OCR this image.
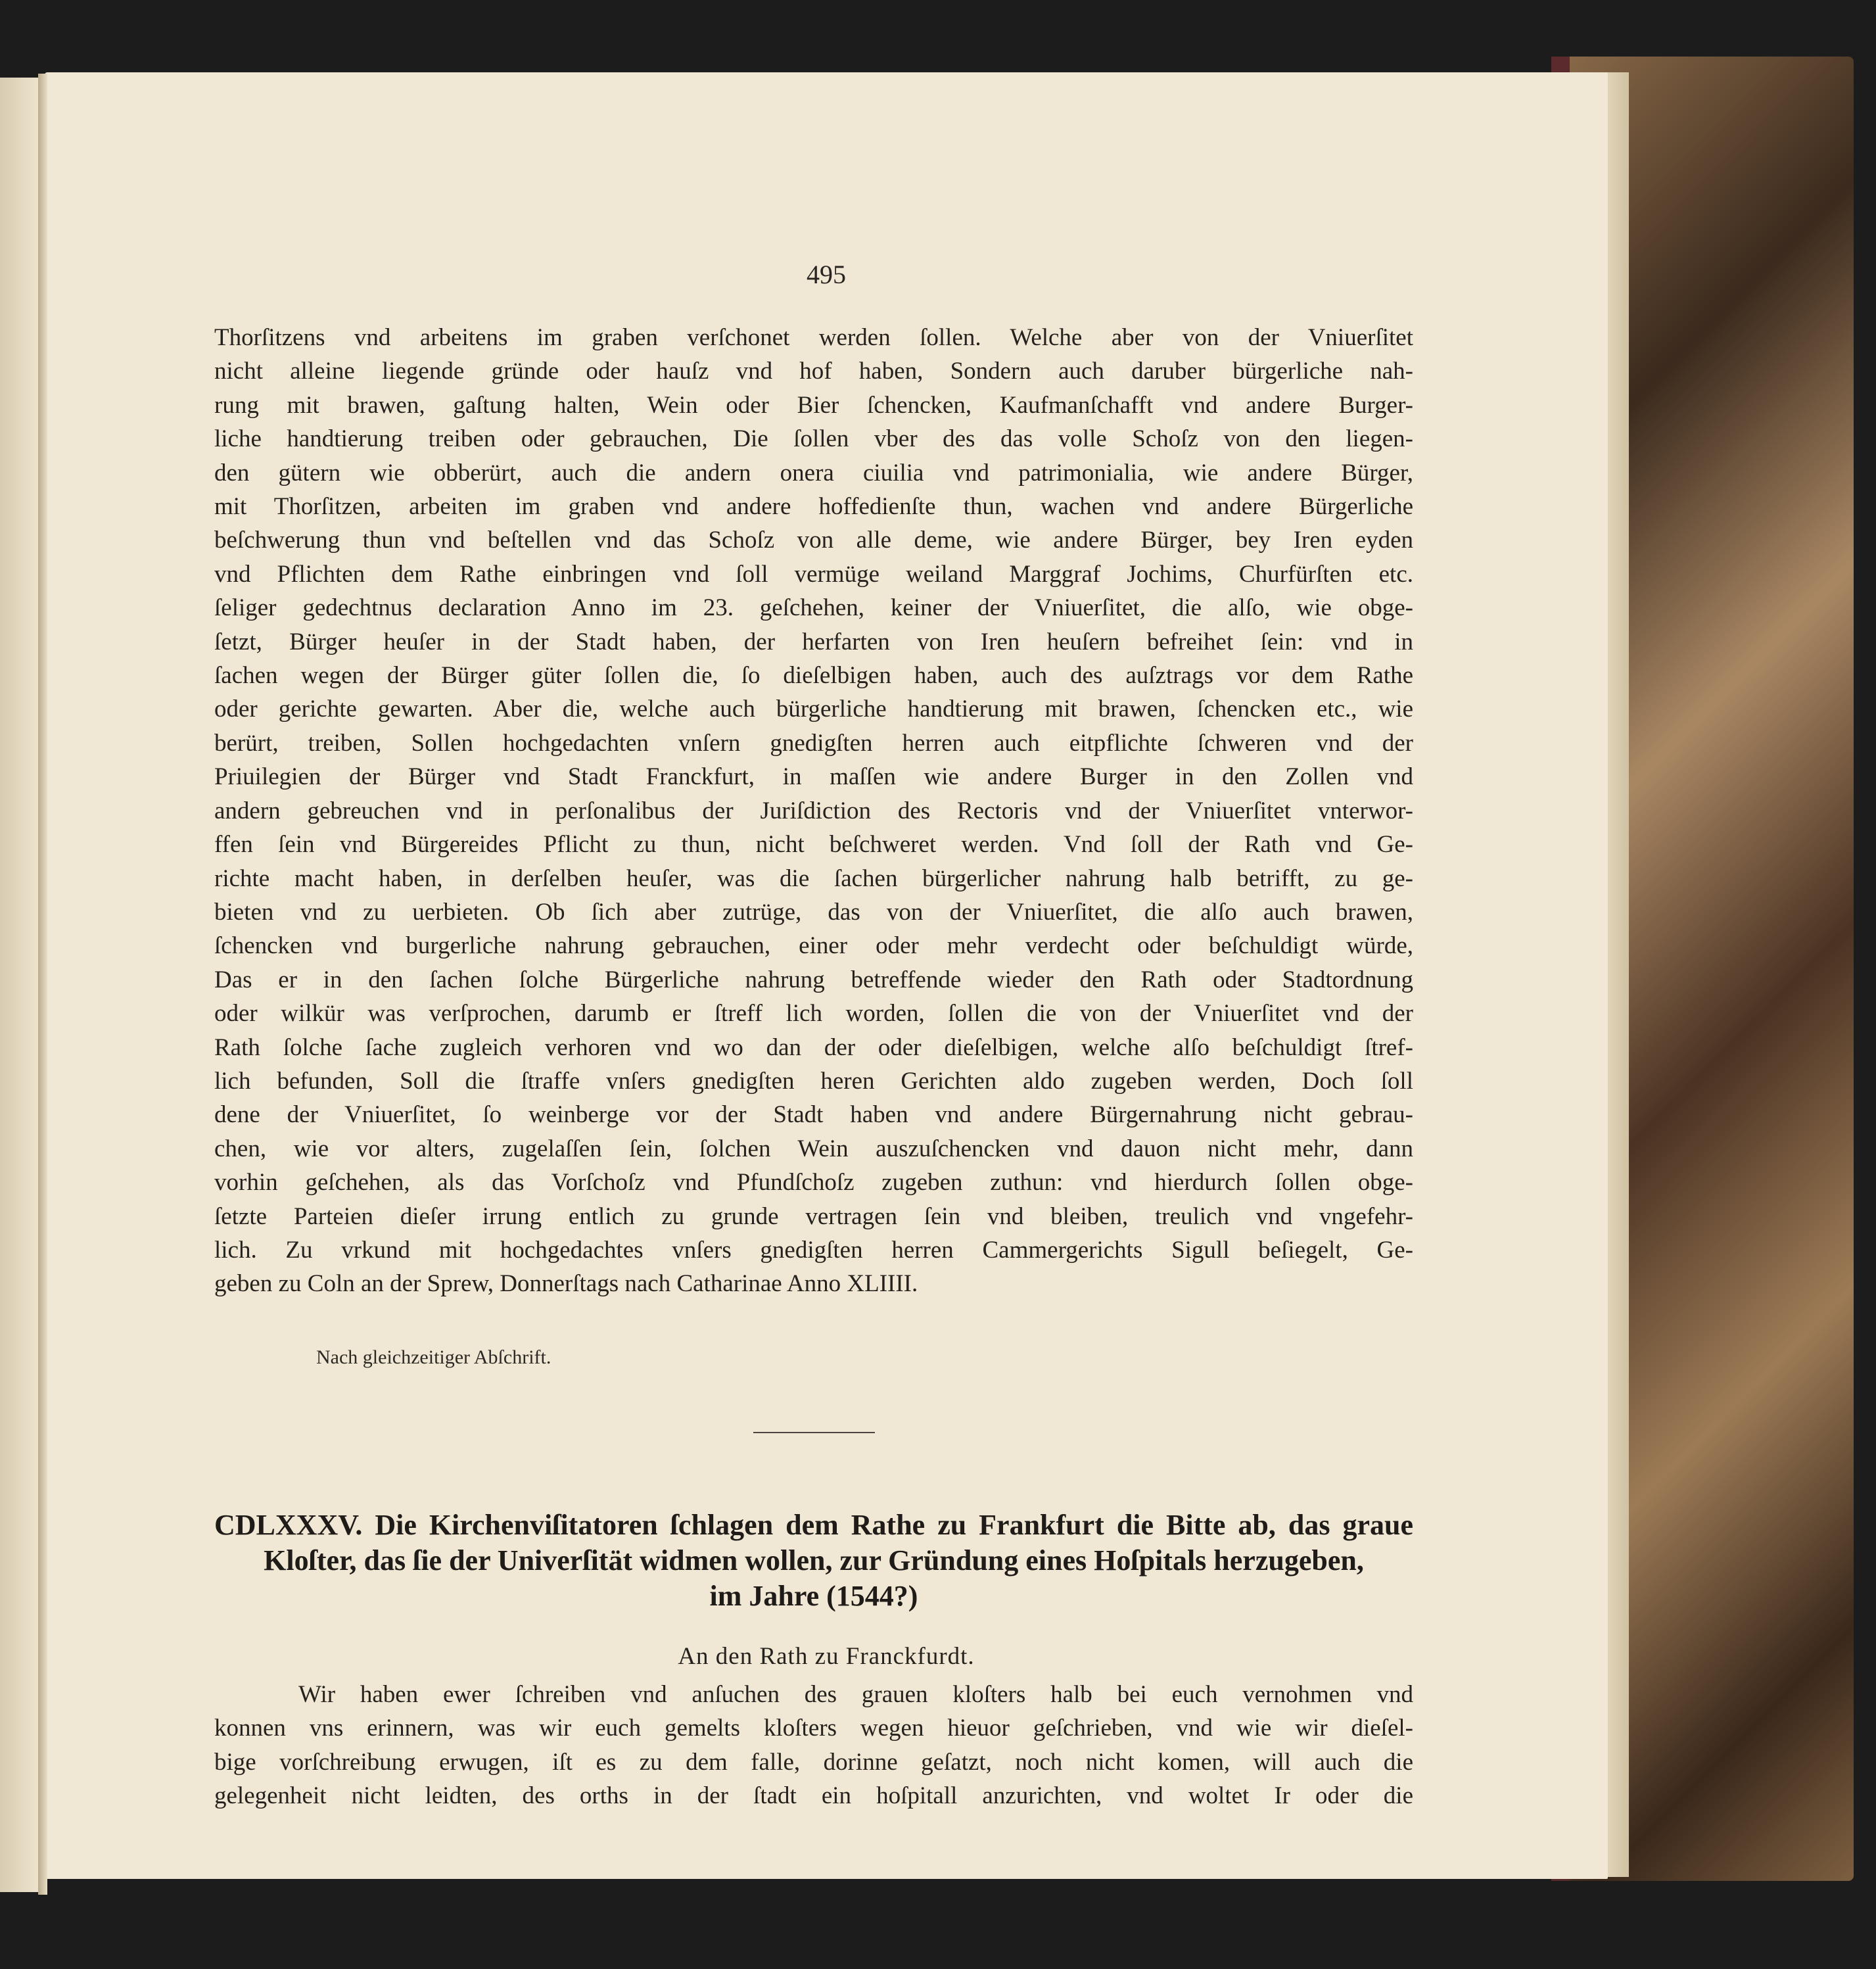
495
Thorſitzens vnd arbeitens im graben verſchonet werden ſollen. Welche aber von der Vniuerſitet
nicht alleine liegende gründe oder hauſz vnd hof haben, Sondern auch daruber bürgerliche nah-
rung mit brawen, gaſtung halten, Wein oder Bier ſchencken, Kaufmanſchafft vnd andere Burger-
liche handtierung treiben oder gebrauchen, Die ſollen vber des das volle Schoſz von den liegen-
den gütern wie obberürt, auch die andern onera ciuilia vnd patrimonialia, wie andere Bürger,
mit Thorſitzen, arbeiten im graben vnd andere hoffedienſte thun, wachen vnd andere Bürgerliche
beſchwerung thun vnd beſtellen vnd das Schoſz von alle deme, wie andere Bürger, bey Iren eyden
vnd Pflichten dem Rathe einbringen vnd ſoll vermüge weiland Marggraf Jochims, Churfürſten etc.
ſeliger gedechtnus declaration Anno im 23. geſchehen, keiner der Vniuerſitet, die alſo, wie obge-
ſetzt, Bürger heuſer in der Stadt haben, der herfarten von Iren heuſern befreihet ſein: vnd in
ſachen wegen der Bürger güter ſollen die, ſo dieſelbigen haben, auch des auſztrags vor dem Rathe
oder gerichte gewarten. Aber die, welche auch bürgerliche handtierung mit brawen, ſchencken etc., wie
berürt, treiben, Sollen hochgedachten vnſern gnedigſten herren auch eitpflichte ſchweren vnd der
Priuilegien der Bürger vnd Stadt Franckfurt, in maſſen wie andere Burger in den Zollen vnd
andern gebreuchen vnd in perſonalibus der Juriſdiction des Rectoris vnd der Vniuerſitet vnterwor-
ffen ſein vnd Bürgereides Pflicht zu thun, nicht beſchweret werden. Vnd ſoll der Rath vnd Ge-
richte macht haben, in derſelben heuſer, was die ſachen bürgerlicher nahrung halb betrifft, zu ge-
bieten vnd zu uerbieten. Ob ſich aber zutrüge, das von der Vniuerſitet, die alſo auch brawen,
ſchencken vnd burgerliche nahrung gebrauchen, einer oder mehr verdecht oder beſchuldigt würde,
Das er in den ſachen ſolche Bürgerliche nahrung betreffende wieder den Rath oder Stadtordnung
oder wilkür was verſprochen, darumb er ſtreff lich worden, ſollen die von der Vniuerſitet vnd der
Rath ſolche ſache zugleich verhoren vnd wo dan der oder dieſelbigen, welche alſo beſchuldigt ſtref-
lich befunden, Soll die ſtraffe vnſers gnedigſten heren Gerichten aldo zugeben werden, Doch ſoll
dene der Vniuerſitet, ſo weinberge vor der Stadt haben vnd andere Bürgernahrung nicht gebrau-
chen, wie vor alters, zugelaſſen ſein, ſolchen Wein auszuſchencken vnd dauon nicht mehr, dann
vorhin geſchehen, als das Vorſchoſz vnd Pfundſchoſz zugeben zuthun: vnd hierdurch ſollen obge-
ſetzte Parteien dieſer irrung entlich zu grunde vertragen ſein vnd bleiben, treulich vnd vngefehr-
lich. Zu vrkund mit hochgedachtes vnſers gnedigſten herren Cammergerichts Sigull beſiegelt, Ge-
geben zu Coln an der Sprew, Donnerſtags nach Catharinae Anno XLIIII.
Nach gleichzeitiger Abſchrift.
CDLXXXV. Die Kirchenviſitatoren ſchlagen dem Rathe zu Frankfurt die Bitte ab, das graue
Kloſter, das ſie der Univerſität widmen wollen, zur Gründung eines Hoſpitals herzugeben,
im Jahre (1544?)
An den Rath zu Franckfurdt.
Wir haben ewer ſchreiben vnd anſuchen des grauen kloſters halb bei euch vernohmen vnd
konnen vns erinnern, was wir euch gemelts kloſters wegen hieuor geſchrieben, vnd wie wir dieſel-
bige vorſchreibung erwugen, iſt es zu dem falle, dorinne geſatzt, noch nicht komen, will auch die
gelegenheit nicht leidten, des orths in der ſtadt ein hoſpitall anzurichten, vnd woltet Ir oder die
